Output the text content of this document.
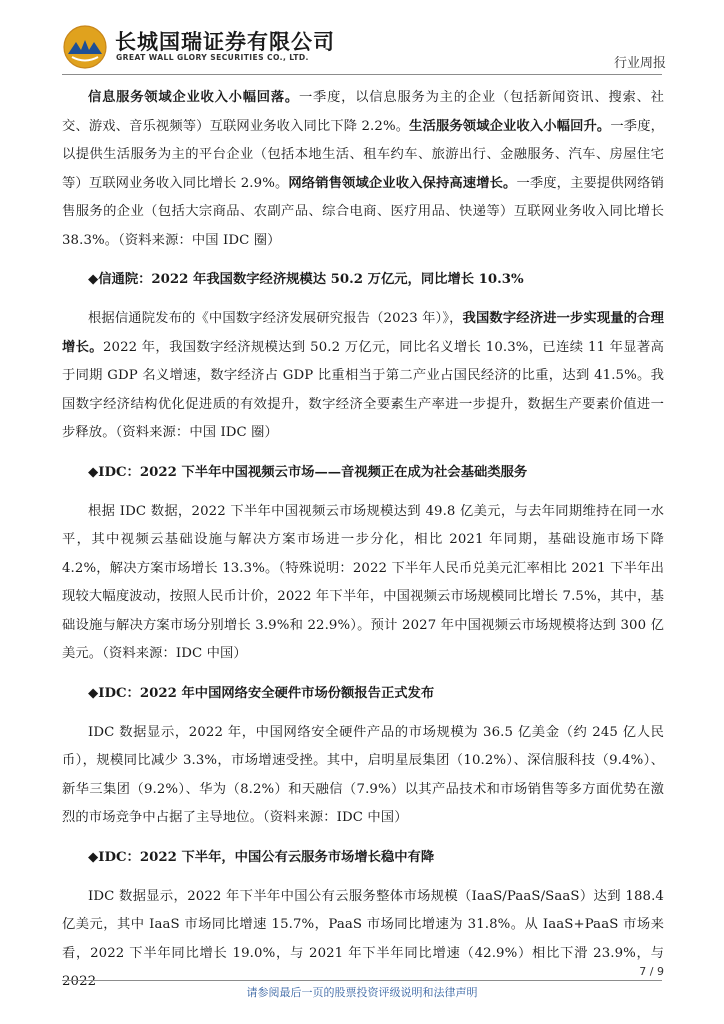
长城国瑞证券有限公司
GREAT WALL GLORY SECURITIES CO., LTD.	行业周报

信息服务领域企业收入小幅回落。一季度，以信息服务为主的企业（包括新闻资讯、搜索、社交、游戏、音乐视频等）互联网业务收入同比下降 2.2%。生活服务领域企业收入小幅回升。一季度，以提供生活服务为主的平台企业（包括本地生活、租车约车、旅游出行、金融服务、汽车、房屋住宅等）互联网业务收入同比增长 2.9%。网络销售领域企业收入保持高速增长。一季度，主要提供网络销售服务的企业（包括大宗商品、农副产品、综合电商、医疗用品、快递等）互联网业务收入同比增长 38.3%。（资料来源：中国 IDC 圈）

◆信通院：2022 年我国数字经济规模达 50.2 万亿元，同比增长 10.3%

根据信通院发布的《中国数字经济发展研究报告（2023 年）》，我国数字经济进一步实现量的合理增长。2022 年，我国数字经济规模达到 50.2 万亿元，同比名义增长 10.3%，已连续 11 年显著高于同期 GDP 名义增速，数字经济占 GDP 比重相当于第二产业占国民经济的比重，达到 41.5%。我国数字经济结构优化促进质的有效提升，数字经济全要素生产率进一步提升，数据生产要素价值进一步释放。（资料来源：中国 IDC 圈）

◆IDC：2022 下半年中国视频云市场——音视频正在成为社会基础类服务

根据 IDC 数据，2022 下半年中国视频云市场规模达到 49.8 亿美元，与去年同期维持在同一水平，其中视频云基础设施与解决方案市场进一步分化，相比 2021 年同期，基础设施市场下降 4.2%，解决方案市场增长 13.3%。（特殊说明：2022 下半年人民币兑美元汇率相比 2021 下半年出现较大幅度波动，按照人民币计价，2022 年下半年，中国视频云市场规模同比增长 7.5%，其中，基础设施与解决方案市场分别增长 3.9%和 22.9%）。预计 2027 年中国视频云市场规模将达到 300 亿美元。（资料来源：IDC 中国）

◆IDC：2022 年中国网络安全硬件市场份额报告正式发布

IDC 数据显示，2022 年，中国网络安全硬件产品的市场规模为 36.5 亿美金（约 245 亿人民币），规模同比减少 3.3%，市场增速受挫。其中，启明星辰集团（10.2%）、深信服科技（9.4%）、新华三集团（9.2%）、华为（8.2%）和天融信（7.9%）以其产品技术和市场销售等多方面优势在激烈的市场竞争中占据了主导地位。（资料来源：IDC 中国）

◆IDC：2022 下半年，中国公有云服务市场增长稳中有降

IDC 数据显示，2022 年下半年中国公有云服务整体市场规模（IaaS/PaaS/SaaS）达到 188.4 亿美元，其中 IaaS 市场同比增速 15.7%，PaaS 市场同比增速为 31.8%。从 IaaS+PaaS 市场来看，2022 下半年同比增长 19.0%，与 2021 年下半年同比增速（42.9%）相比下滑 23.9%，与 2022

7 / 9
请参阅最后一页的股票投资评级说明和法律声明
